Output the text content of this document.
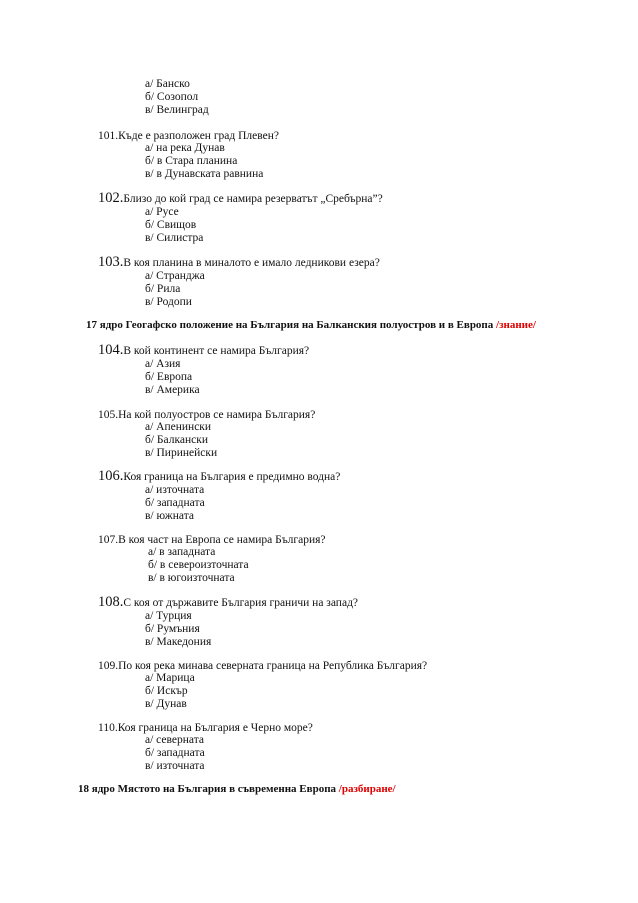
а/ Банско
б/ Созопол
в/ Велинград
101.Къде е разположен град Плевен?
а/ на река Дунав
б/ в Стара планина
в/ в Дунавската равнина
102.Близо до кой град се намира резерватът „Сребърна”?
а/ Русе
б/ Свищов
в/ Силистра
103.В коя планина в миналото е имало ледникови езера?
а/ Странджа
б/ Рила
в/ Родопи
17 ядро Геогафско положение на България на Балканския полуостров и в Европа /знание/
104.В кой континент се намира България?
а/ Азия
б/ Европа
в/ Америка
105.На кой полуостров се намира България?
а/ Апенински
б/ Балкански
в/ Пиринейски
106.Коя граница на България е предимно водна?
а/ източната
б/ западната
в/ южната
107.В коя част на Европа се намира България?
а/ в западната
б/ в североизточната
в/ в югоизточната
108.С коя от държавите България граничи на запад?
а/ Турция
б/ Румъния
в/ Македония
109.По коя река минава северната граница на Република България?
а/ Марица
б/ Искър
в/ Дунав
110.Коя граница на България е Черно море?
а/ северната
б/ западната
в/ източната
18 ядро Мястото на България в съвременна Европа /разбиране/
